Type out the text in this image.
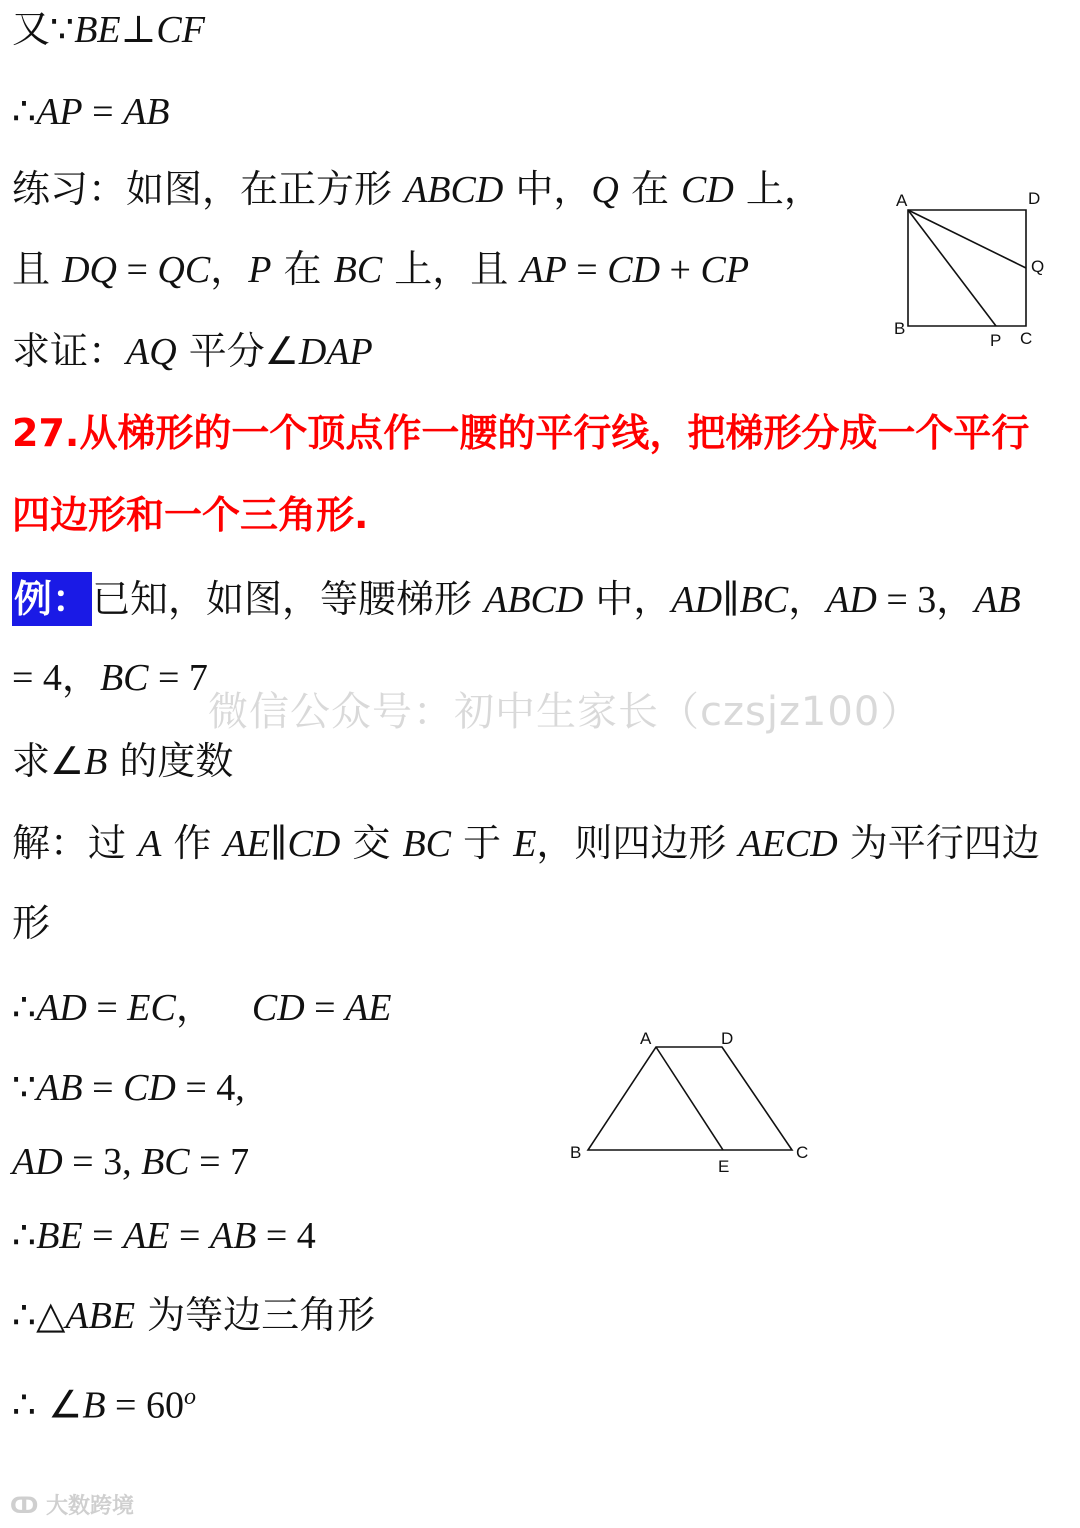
又∵BE⊥CF
∴AP = AB
练习：如图，在正方形 ABCD 中，Q 在 CD 上，
且 DQ = QC，P 在 BC 上，且 AP = CD + CP
求证：AQ 平分∠DAP
A	D
Q
B
P C
27.从梯形的一个顶点作一腰的平行线，把梯形分成一个平行
四边形和一个三角形.
例：已知，如图，等腰梯形 ABCD 中，AD∥BC，AD = 3，AB
= 4，BC = 7
微信公众号：初中生家长（czsjz100）
求∠B 的度数
解：过 A 作 AE∥CD 交 BC 于 E，则四边形 AECD 为平行四边
形
∴AD = EC，    CD = AE
∵AB = CD = 4,
AD = 3, BC = 7
A	D
B
E
C
∴BE = AE = AB = 4
∴△ABE 为等边三角形
∴ ∠B = $60^o$
ↀ 大数跨境
